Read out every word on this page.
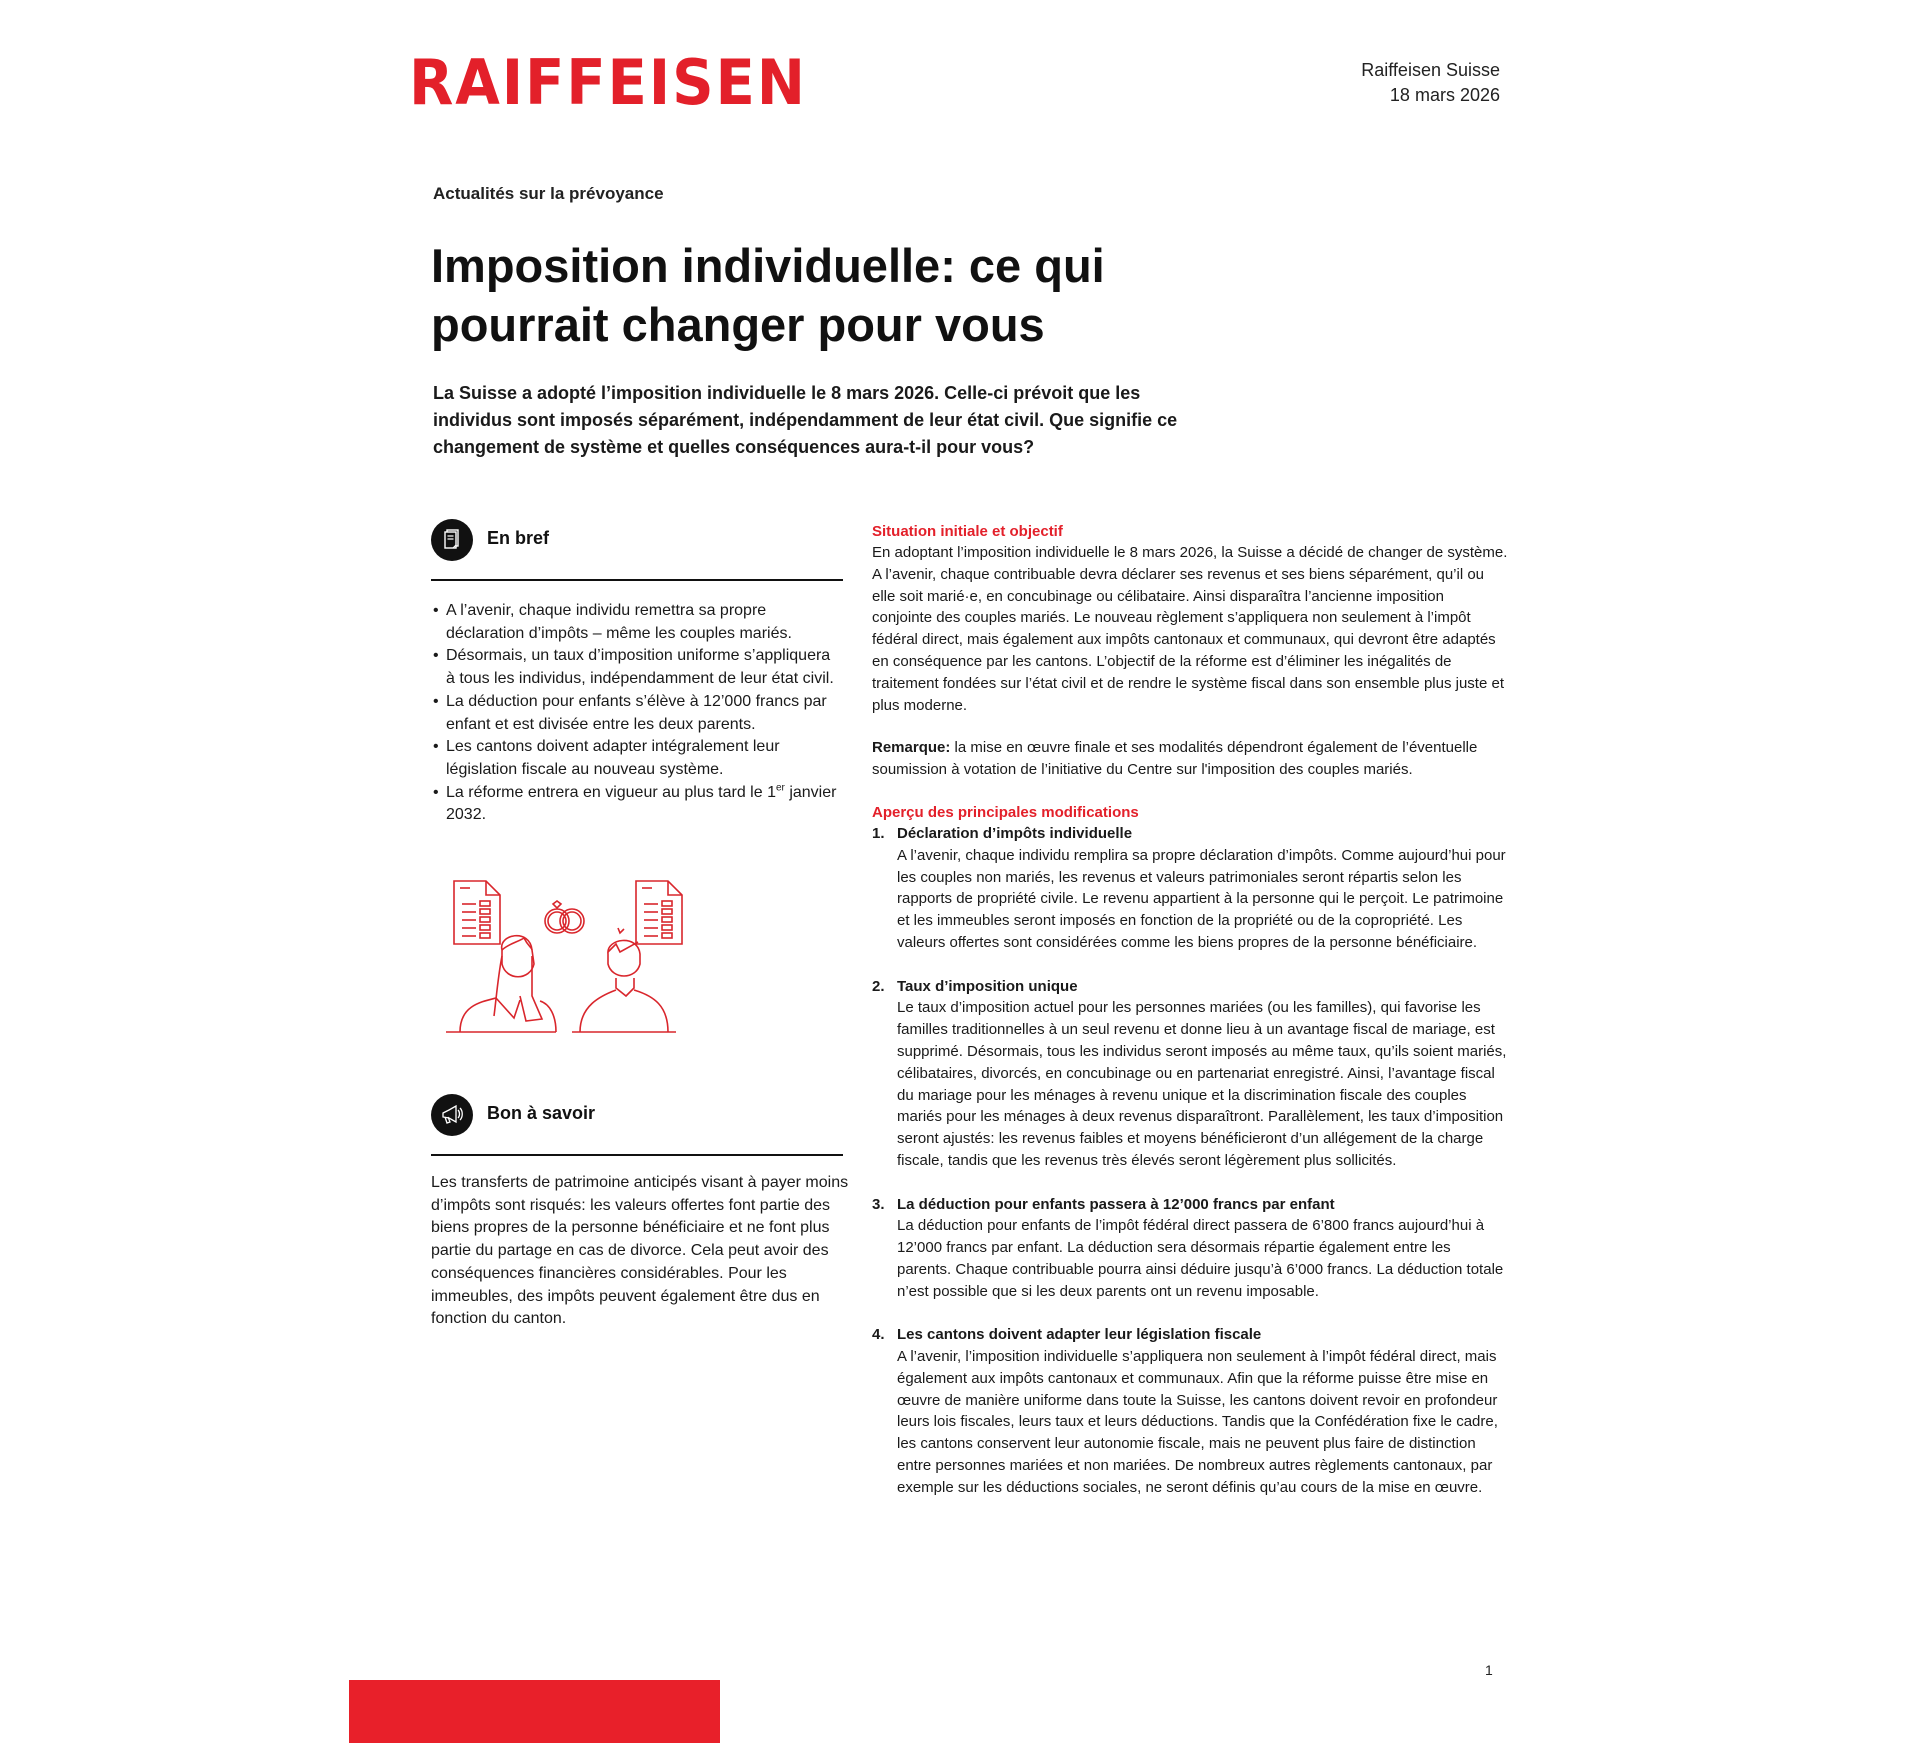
RAIFFEISEN	Raiffeisen Suisse
18 mars 2026
Actualités sur la prévoyance
Imposition individuelle: ce qui
pourrait changer pour vous
La Suisse a adopté l’imposition individuelle le 8 mars 2026. Celle-ci prévoit que les individus sont imposés séparément, indépendamment de leur état civil. Que signifie ce changement de système et quelles conséquences aura-t-il pour vous?
En bref
• A l’avenir, chaque individu remettra sa propre déclaration d’impôts – même les couples mariés.
• Désormais, un taux d’imposition uniforme s’appliquera à tous les individus, indépendamment de leur état civil.
• La déduction pour enfants s’élève à 12’000 francs par enfant et est divisée entre les deux parents.
• Les cantons doivent adapter intégralement leur législation fiscale au nouveau système.
• La réforme entrera en vigueur au plus tard le 1er janvier 2032.
Bon à savoir
Les transferts de patrimoine anticipés visant à payer moins d’impôts sont risqués: les valeurs offertes font partie des biens propres de la personne bénéficiaire et ne font plus partie du partage en cas de divorce. Cela peut avoir des conséquences financières considérables. Pour les immeubles, des impôts peuvent également être dus en fonction du canton.
Situation initiale et objectif

En adoptant l’imposition individuelle le 8 mars 2026, la Suisse a décidé de changer de système. A l’avenir, chaque contribuable devra déclarer ses revenus et ses biens séparément, qu’il ou elle soit marié·e, en concubinage ou célibataire. Ainsi disparaîtra l’ancienne imposition conjointe des couples mariés. Le nouveau règlement s’appliquera non seulement à l’impôt fédéral direct, mais également aux impôts cantonaux et communaux, qui devront être adaptés en conséquence par les cantons. L’objectif de la réforme est d’éliminer les inégalités de traitement fondées sur l’état civil et de rendre le système fiscal dans son ensemble plus juste et plus moderne.

Remarque: la mise en œuvre finale et ses modalités dépendront également de l’éventuelle soumission à votation de l’initiative du Centre sur l'imposition des couples mariés.

Aperçu des principales modifications
1. Déclaration d’impôts individuelle
A l’avenir, chaque individu remplira sa propre déclaration d’impôts. Comme aujourd’hui pour les couples non mariés, les revenus et valeurs patrimoniales seront répartis selon les rapports de propriété civile. Le revenu appartient à la personne qui le perçoit. Le patrimoine et les immeubles seront imposés en fonction de la propriété ou de la copropriété. Les valeurs offertes sont considérées comme les biens propres de la personne bénéficiaire.
2. Taux d’imposition unique
Le taux d’imposition actuel pour les personnes mariées (ou les familles), qui favorise les familles traditionnelles à un seul revenu et donne lieu à un avantage fiscal de mariage, est supprimé. Désormais, tous les individus seront imposés au même taux, qu’ils soient mariés, célibataires, divorcés, en concubinage ou en partenariat enregistré. Ainsi, l’avantage fiscal du mariage pour les ménages à revenu unique et la discrimination fiscale des couples mariés pour les ménages à deux revenus disparaîtront. Parallèlement, les taux d’imposition seront ajustés: les revenus faibles et moyens bénéficieront d’un allégement de la charge fiscale, tandis que les revenus très élevés seront légèrement plus sollicités.
3. La déduction pour enfants passera à 12’000 francs par enfant
La déduction pour enfants de l’impôt fédéral direct passera de 6’800 francs aujourd’hui à 12’000 francs par enfant. La déduction sera désormais répartie également entre les parents. Chaque contribuable pourra ainsi déduire jusqu’à 6’000 francs. La déduction totale n’est possible que si les deux parents ont un revenu imposable.
4. Les cantons doivent adapter leur législation fiscale
A l’avenir, l’imposition individuelle s’appliquera non seulement à l’impôt fédéral direct, mais également aux impôts cantonaux et communaux. Afin que la réforme puisse être mise en œuvre de manière uniforme dans toute la Suisse, les cantons doivent revoir en profondeur leurs lois fiscales, leurs taux et leurs déductions. Tandis que la Confédération fixe le cadre, les cantons conservent leur autonomie fiscale, mais ne peuvent plus faire de distinction entre personnes mariées et non mariées. De nombreux autres règlements cantonaux, par exemple sur les déductions sociales, ne seront définis qu’au cours de la mise en œuvre.
1
